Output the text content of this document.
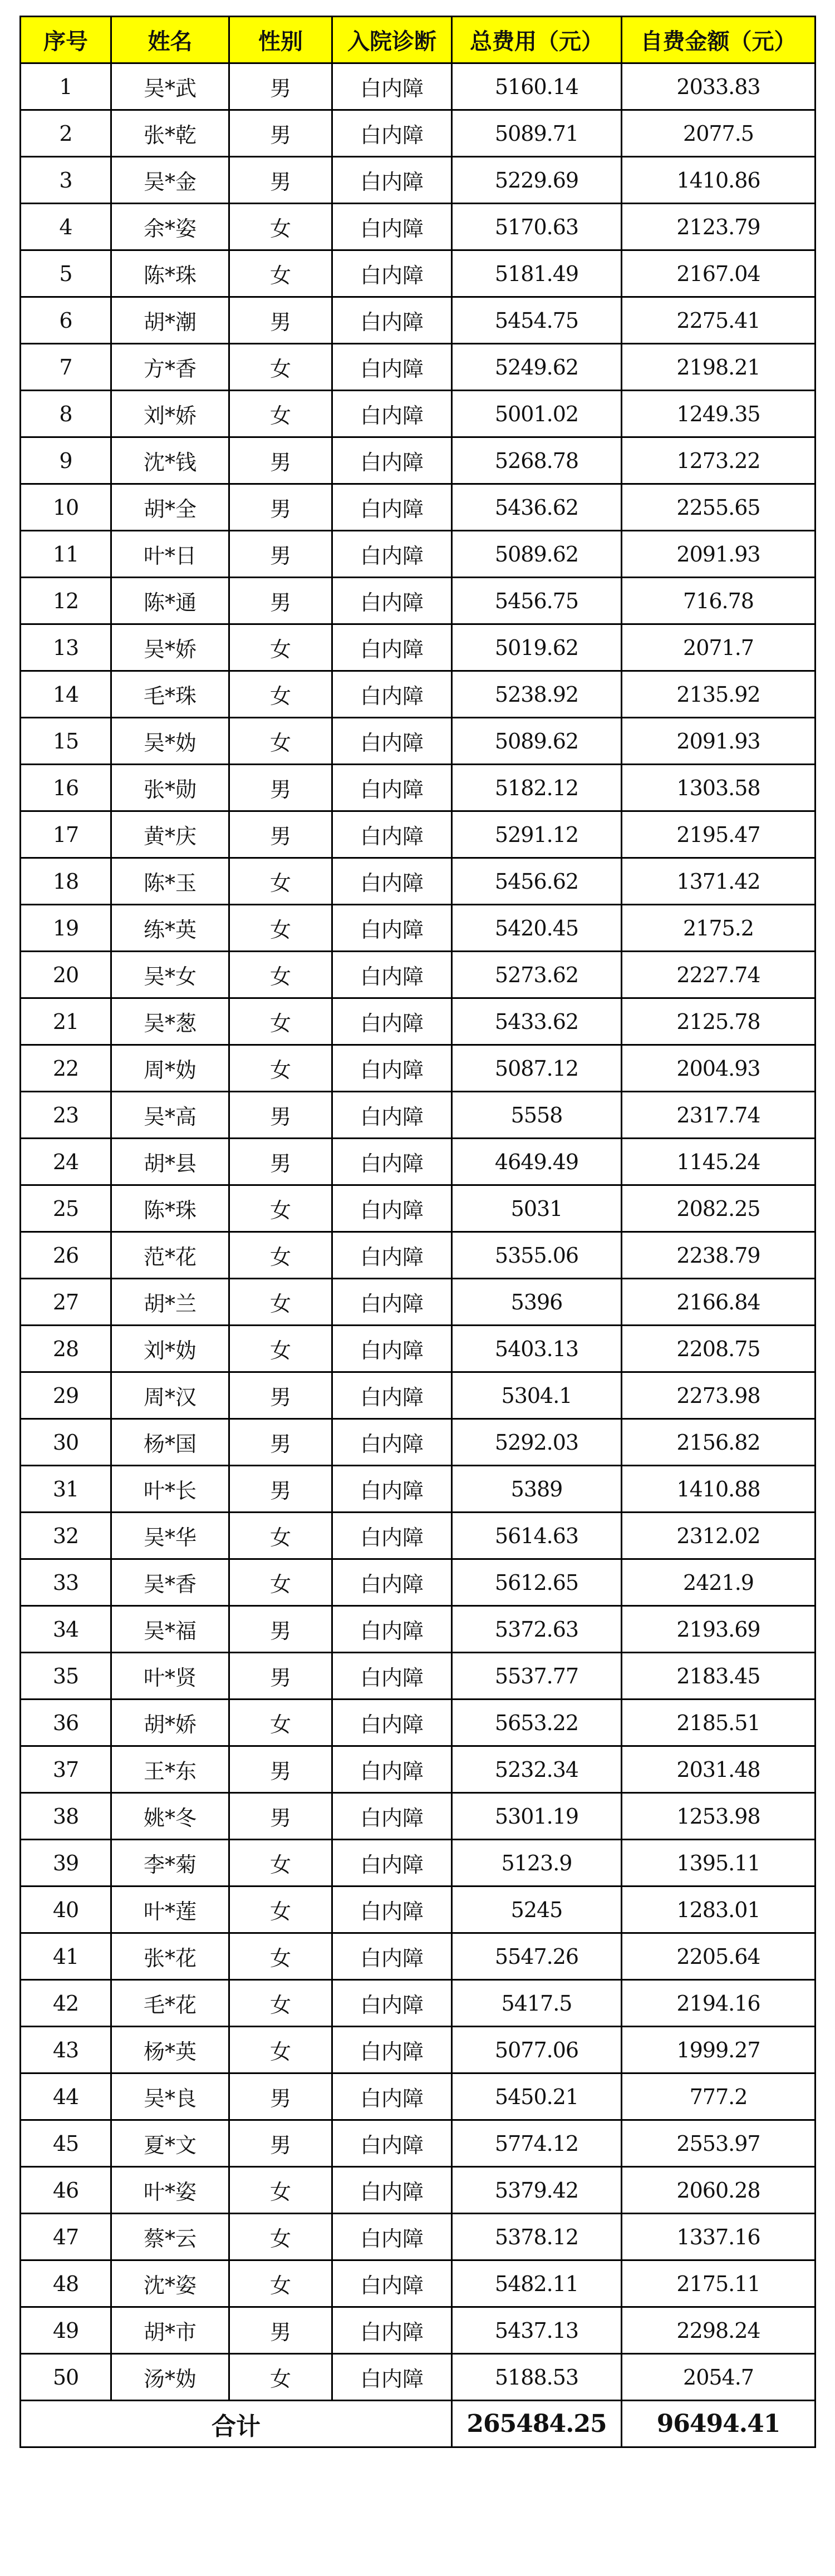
序号	姓名	性别	入院诊断	总费用（元）	自费金额（元）
1	吴*武	男	白内障	5160.14	2033.83
2	张*乾	男	白内障	5089.71	2077.5
3	吴*金	男	白内障	5229.69	1410.86
4	余*姿	女	白内障	5170.63	2123.79
5	陈*珠	女	白内障	5181.49	2167.04
6	胡*潮	男	白内障	5454.75	2275.41
7	方*香	女	白内障	5249.62	2198.21
8	刘*娇	女	白内障	5001.02	1249.35
9	沈*钱	男	白内障	5268.78	1273.22
10	胡*全	男	白内障	5436.62	2255.65
11	叶*日	男	白内障	5089.62	2091.93
12	陈*通	男	白内障	5456.75	716.78
13	吴*娇	女	白内障	5019.62	2071.7
14	毛*珠	女	白内障	5238.92	2135.92
15	吴*妫	女	白内障	5089.62	2091.93
16	张*勋	男	白内障	5182.12	1303.58
17	黄*庆	男	白内障	5291.12	2195.47
18	陈*玉	女	白内障	5456.62	1371.42
19	练*英	女	白内障	5420.45	2175.2
20	吴*女	女	白内障	5273.62	2227.74
21	吴*葱	女	白内障	5433.62	2125.78
22	周*妫	女	白内障	5087.12	2004.93
23	吴*高	男	白内障	5558	2317.74
24	胡*县	男	白内障	4649.49	1145.24
25	陈*珠	女	白内障	5031	2082.25
26	范*花	女	白内障	5355.06	2238.79
27	胡*兰	女	白内障	5396	2166.84
28	刘*妫	女	白内障	5403.13	2208.75
29	周*汉	男	白内障	5304.1	2273.98
30	杨*国	男	白内障	5292.03	2156.82
31	叶*长	男	白内障	5389	1410.88
32	吴*华	女	白内障	5614.63	2312.02
33	吴*香	女	白内障	5612.65	2421.9
34	吴*福	男	白内障	5372.63	2193.69
35	叶*贤	男	白内障	5537.77	2183.45
36	胡*娇	女	白内障	5653.22	2185.51
37	王*东	男	白内障	5232.34	2031.48
38	姚*冬	男	白内障	5301.19	1253.98
39	李*菊	女	白内障	5123.9	1395.11
40	叶*莲	女	白内障	5245	1283.01
41	张*花	女	白内障	5547.26	2205.64
42	毛*花	女	白内障	5417.5	2194.16
43	杨*英	女	白内障	5077.06	1999.27
44	吴*良	男	白内障	5450.21	777.2
45	夏*文	男	白内障	5774.12	2553.97
46	叶*姿	女	白内障	5379.42	2060.28
47	蔡*云	女	白内障	5378.12	1337.16
48	沈*姿	女	白内障	5482.11	2175.11
49	胡*市	男	白内障	5437.13	2298.24
50	汤*妫	女	白内障	5188.53	2054.7
合计				265484.25	96494.41
